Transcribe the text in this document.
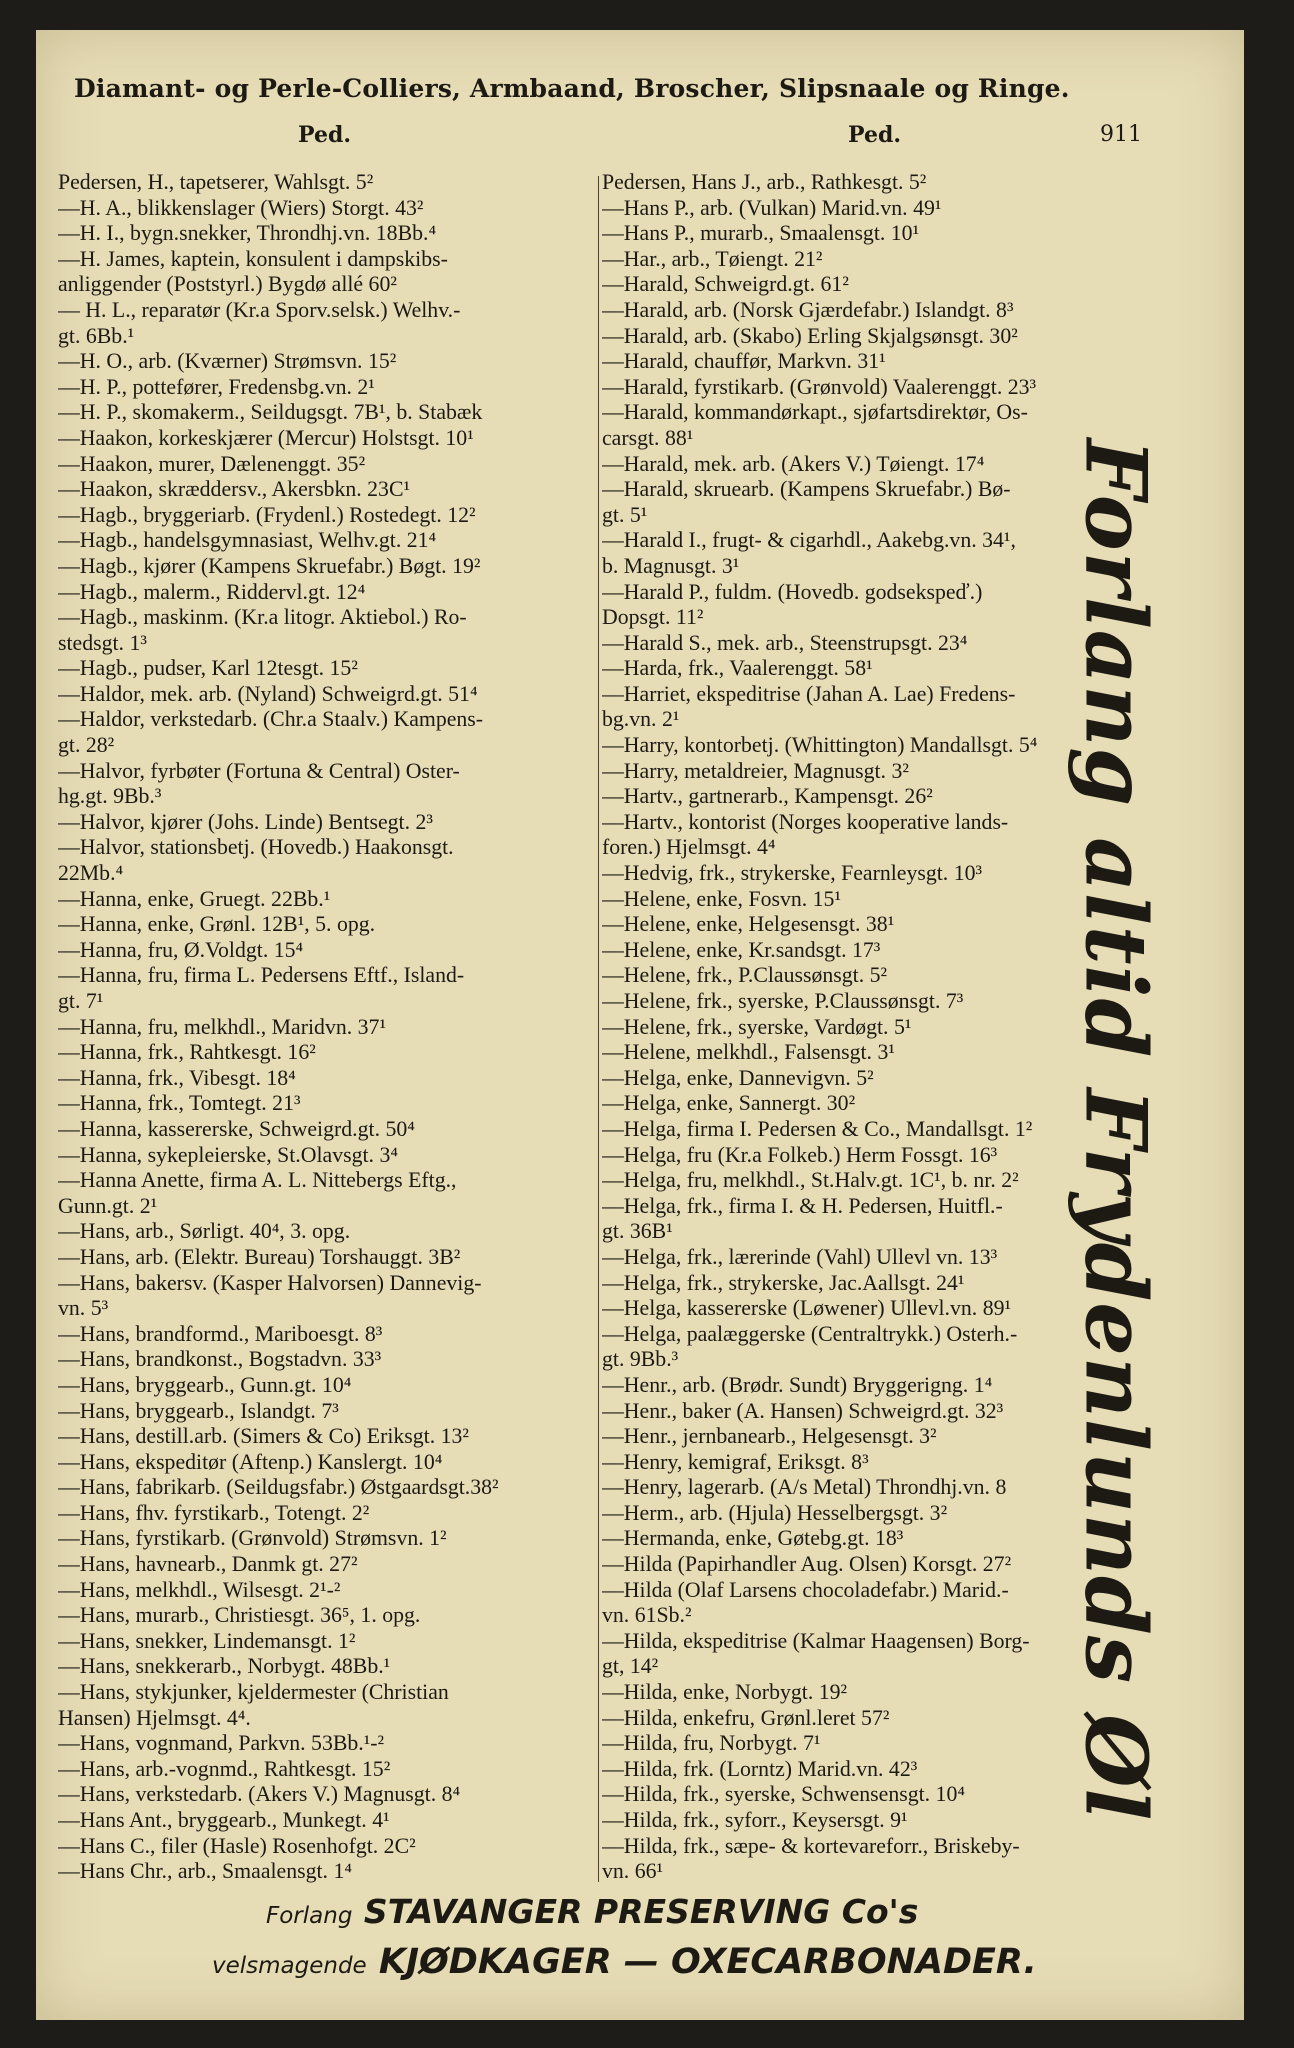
Diamant- og Perle-Colliers, Armbaand, Broscher, Slipsnaale og Ringe.
Ped.	Ped.	911
Pedersen, H., tapetserer, Wahlsgt. 5²
—H. A., blikkenslager (Wiers) Storgt. 43²
—H. I., bygn.snekker, Throndhj.vn. 18Bb.⁴
—H. James, kaptein, konsulent i dampskibs-
anliggender (Poststyrl.) Bygdø allé 60²
— H. L., reparatør (Kr.a Sporv.selsk.) Welhv.-
gt. 6Bb.¹
—H. O., arb. (Kværner) Strømsvn. 15²
—H. P., pottefører, Fredensbg.vn. 2¹
—H. P., skomakerm., Seildugsgt. 7B¹, b. Stabæk
—Haakon, korkeskjærer (Mercur) Holstsgt. 10¹
—Haakon, murer, Dælenenggt. 35²
—Haakon, skræddersv., Akersbkn. 23C¹
—Hagb., bryggeriarb. (Frydenl.) Rostedegt. 12²
—Hagb., handelsgymnasiast, Welhv.gt. 21⁴
—Hagb., kjører (Kampens Skruefabr.) Bøgt. 19²
—Hagb., malerm., Riddervl.gt. 12⁴
—Hagb., maskinm. (Kr.a litogr. Aktiebol.) Ro-
stedsgt. 1³
—Hagb., pudser, Karl 12tesgt. 15²
—Haldor, mek. arb. (Nyland) Schweigrd.gt. 51⁴
—Haldor, verkstedarb. (Chr.a Staalv.) Kampens-
gt. 28²
—Halvor, fyrbøter (Fortuna & Central) Oster-
hg.gt. 9Bb.³
—Halvor, kjører (Johs. Linde) Bentsegt. 2³
—Halvor, stationsbetj. (Hovedb.) Haakonsgt.
22Mb.⁴
—Hanna, enke, Gruegt. 22Bb.¹
—Hanna, enke, Grønl. 12B¹, 5. opg.
—Hanna, fru, Ø.Voldgt. 15⁴
—Hanna, fru, firma L. Pedersens Eftf., Island-
gt. 7¹
—Hanna, fru, melkhdl., Maridvn. 37¹
—Hanna, frk., Rahtkesgt. 16²
—Hanna, frk., Vibesgt. 18⁴
—Hanna, frk., Tomtegt. 21³
—Hanna, kassererske, Schweigrd.gt. 50⁴
—Hanna, sykepleierske, St.Olavsgt. 3⁴
—Hanna Anette, firma A. L. Nittebergs Eftg.,
Gunn.gt. 2¹
—Hans, arb., Sørligt. 40⁴, 3. opg.
—Hans, arb. (Elektr. Bureau) Torshauggt. 3B²
—Hans, bakersv. (Kasper Halvorsen) Dannevig-
vn. 5³
—Hans, brandformd., Mariboesgt. 8³
—Hans, brandkonst., Bogstadvn. 33³
—Hans, bryggearb., Gunn.gt. 10⁴
—Hans, bryggearb., Islandgt. 7³
—Hans, destill.arb. (Simers & Co) Eriksgt. 13²
—Hans, ekspeditør (Aftenp.) Kanslergt. 10⁴
—Hans, fabrikarb. (Seildugsfabr.) Østgaardsgt.38²
—Hans, fhv. fyrstikarb., Totengt. 2²
—Hans, fyrstikarb. (Grønvold) Strømsvn. 1²
—Hans, havnearb., Danmk gt. 27²
—Hans, melkhdl., Wilsesgt. 2¹-²
—Hans, murarb., Christiesgt. 36⁵, 1. opg.
—Hans, snekker, Lindemansgt. 1²
—Hans, snekkerarb., Norbygt. 48Bb.¹
—Hans, stykjunker, kjeldermester (Christian
Hansen) Hjelmsgt. 4⁴.
—Hans, vognmand, Parkvn. 53Bb.¹-²
—Hans, arb.-vognmd., Rahtkesgt. 15²
—Hans, verkstedarb. (Akers V.) Magnusgt. 8⁴
—Hans Ant., bryggearb., Munkegt. 4¹
—Hans C., filer (Hasle) Rosenhofgt. 2C²
—Hans Chr., arb., Smaalensgt. 1⁴
Pedersen, Hans J., arb., Rathkesgt. 5²
—Hans P., arb. (Vulkan) Marid.vn. 49¹
—Hans P., murarb., Smaalensgt. 10¹
—Har., arb., Tøiengt. 21²
—Harald, Schweigrd.gt. 61²
—Harald, arb. (Norsk Gjærdefabr.) Islandgt. 8³
—Harald, arb. (Skabo) Erling Skjalgsønsgt. 30²
—Harald, chauffør, Markvn. 31¹
—Harald, fyrstikarb. (Grønvold) Vaalerenggt. 23³
—Harald, kommandørkapt., sjøfartsdirektør, Os-
carsgt. 88¹
—Harald, mek. arb. (Akers V.) Tøiengt. 17⁴
—Harald, skruearb. (Kampens Skruefabr.) Bø-
gt. 5¹
—Harald I., frugt- & cigarhdl., Aakebg.vn. 34¹,
b. Magnusgt. 3¹
—Harald P., fuldm. (Hovedb. godsekspeď.)
Dopsgt. 11²
—Harald S., mek. arb., Steenstrupsgt. 23⁴
—Harda, frk., Vaalerenggt. 58¹
—Harriet, ekspeditrise (Jahan A. Lae) Fredens-
bg.vn. 2¹
—Harry, kontorbetj. (Whittington) Mandallsgt. 5⁴
—Harry, metaldreier, Magnusgt. 3²
—Hartv., gartnerarb., Kampensgt. 26²
—Hartv., kontorist (Norges kooperative lands-
foren.) Hjelmsgt. 4⁴
—Hedvig, frk., strykerske, Fearnleysgt. 10³
—Helene, enke, Fosvn. 15¹
—Helene, enke, Helgesensgt. 38¹
—Helene, enke, Kr.sandsgt. 17³
—Helene, frk., P.Claussønsgt. 5²
—Helene, frk., syerske, P.Claussønsgt. 7³
—Helene, frk., syerske, Vardøgt. 5¹
—Helene, melkhdl., Falsensgt. 3¹
—Helga, enke, Dannevigvn. 5²
—Helga, enke, Sannergt. 30²
—Helga, firma I. Pedersen & Co., Mandallsgt. 1²
—Helga, fru (Kr.a Folkeb.) Herm Fossgt. 16³
—Helga, fru, melkhdl., St.Halv.gt. 1C¹, b. nr. 2²
—Helga, frk., firma I. & H. Pedersen, Huitfl.-
gt. 36B¹
—Helga, frk., lærerinde (Vahl) Ullevl vn. 13³
—Helga, frk., strykerske, Jac.Aallsgt. 24¹
—Helga, kassererske (Løwener) Ullevl.vn. 89¹
—Helga, paalæggerske (Centraltrykk.) Osterh.-
gt. 9Bb.³
—Henr., arb. (Brødr. Sundt) Bryggerigng. 1⁴
—Henr., baker (A. Hansen) Schweigrd.gt. 32³
—Henr., jernbanearb., Helgesensgt. 3²
—Henry, kemigraf, Eriksgt. 8³
—Henry, lagerarb. (A/s Metal) Throndhj.vn. 8
—Herm., arb. (Hjula) Hesselbergsgt. 3²
—Hermanda, enke, Gøtebg.gt. 18³
—Hilda (Papirhandler Aug. Olsen) Korsgt. 27²
—Hilda (Olaf Larsens chocoladefabr.) Marid.-
vn. 61Sb.²
—Hilda, ekspeditrise (Kalmar Haagensen) Borg-
gt, 14²
—Hilda, enke, Norbygt. 19²
—Hilda, enkefru, Grønl.leret 57²
—Hilda, fru, Norbygt. 7¹
—Hilda, frk. (Lorntz) Marid.vn. 42³
—Hilda, frk., syerske, Schwensensgt. 10⁴
—Hilda, frk., syforr., Keysersgt. 9¹
—Hilda, frk., sæpe- & kortevareforr., Briskeby-
vn. 66¹
Forlang altid Frydenlunds Øl
Forlang STAVANGER PRESERVING Co's
velsmagende KJØDKAGER — OXECARBONADER.
